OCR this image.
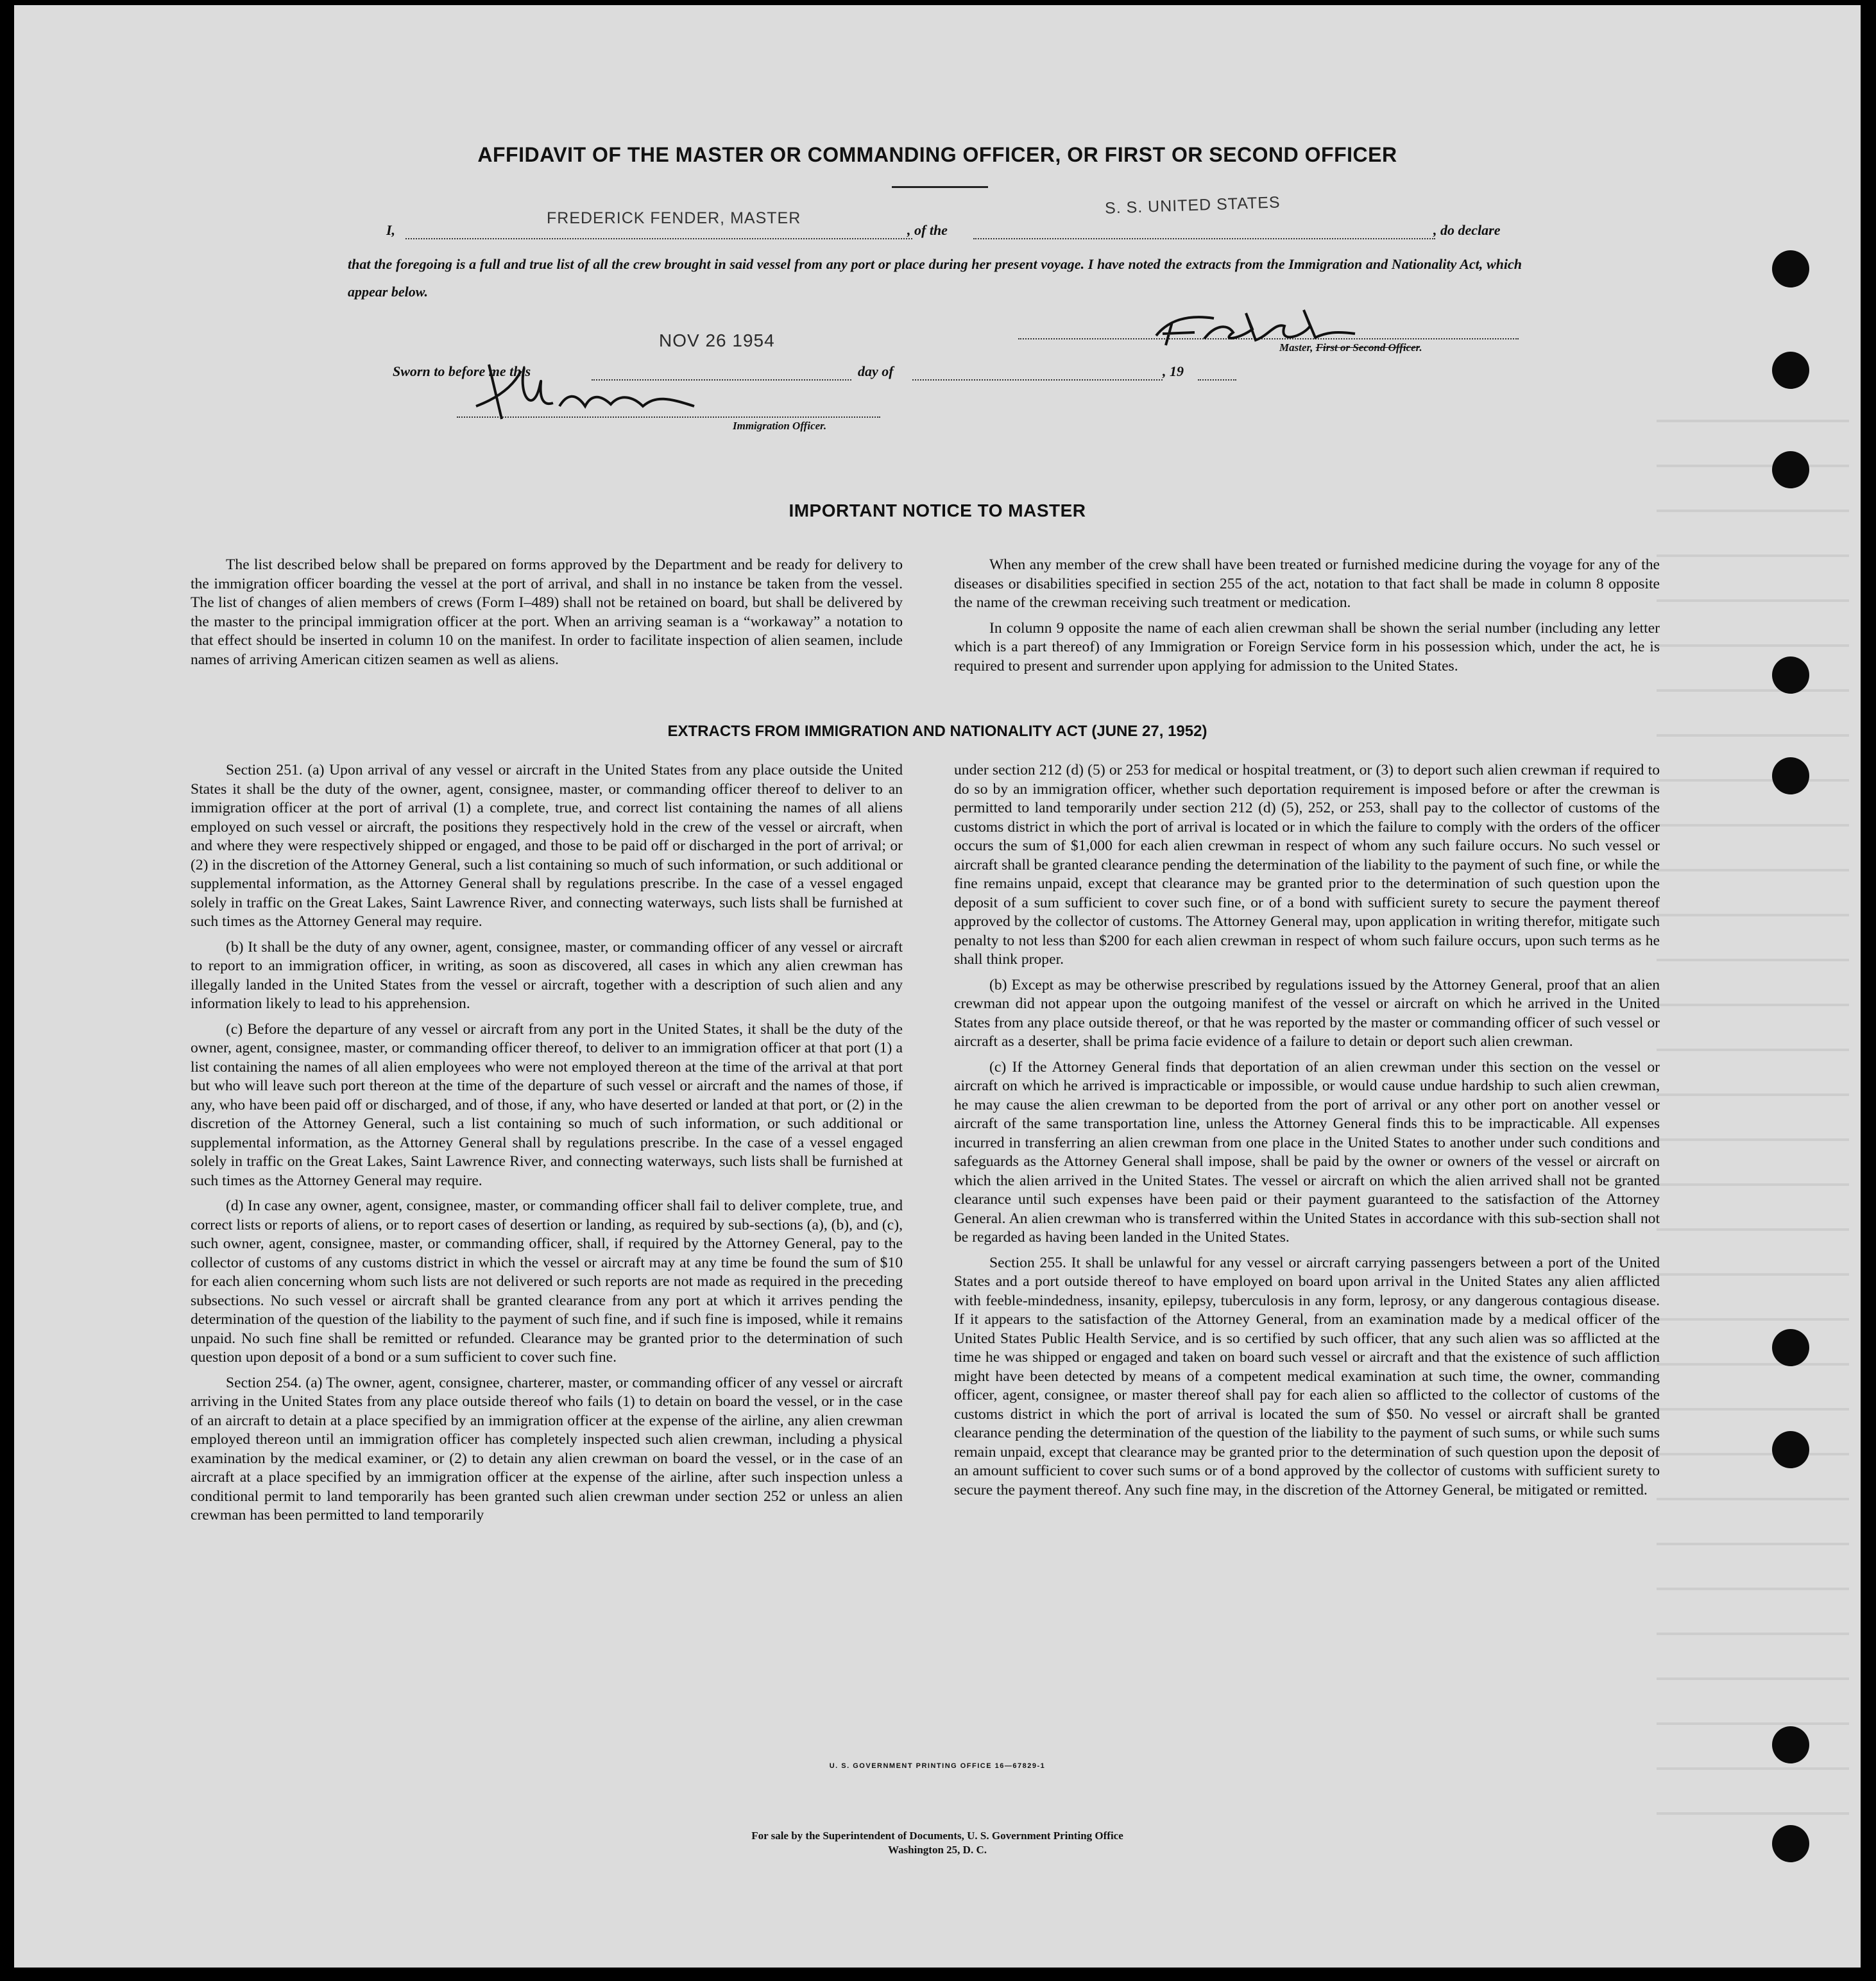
AFFIDAVIT OF THE MASTER OR COMMANDING OFFICER, OR FIRST OR SECOND OFFICER
I,
FREDERICK FENDER, MASTER
, of the
S. S. UNITED STATES
, do declare
that the foregoing is a full and true list of all the crew brought in said vessel from any port or place during her present voyage. I have noted the extracts from the Immigration and Nationality Act, which appear below.
Master, First or Second Officer.
NOV 26 1954
Sworn to before me this	day of	, 19
Immigration Officer.
IMPORTANT NOTICE TO MASTER

The list described below shall be prepared on forms approved by the Department and be ready for delivery to the immigration officer boarding the vessel at the port of arrival, and shall in no instance be taken from the vessel. The list of changes of alien members of crews (Form I–489) shall not be retained on board, but shall be delivered by the master to the principal immigration officer at the port. When an arriving seaman is a “workaway” a notation to that effect should be inserted in column 10 on the manifest. In order to facilitate inspection of alien seamen, include names of arriving American citizen seamen as well as aliens.

When any member of the crew shall have been treated or furnished medicine during the voyage for any of the diseases or disabilities specified in section 255 of the act, notation to that fact shall be made in column 8 opposite the name of the crewman receiving such treatment or medication.

In column 9 opposite the name of each alien crewman shall be shown the serial number (including any letter which is a part thereof) of any Immigration or Foreign Service form in his possession which, under the act, he is required to present and surrender upon applying for admission to the United States.

EXTRACTS FROM IMMIGRATION AND NATIONALITY ACT (JUNE 27, 1952)

Section 251. (a) Upon arrival of any vessel or aircraft in the United States from any place outside the United States it shall be the duty of the owner, agent, consignee, master, or commanding officer thereof to deliver to an immigration officer at the port of arrival (1) a complete, true, and correct list containing the names of all aliens employed on such vessel or aircraft, the positions they respectively hold in the crew of the vessel or aircraft, when and where they were respectively shipped or engaged, and those to be paid off or discharged in the port of arrival; or (2) in the discretion of the Attorney General, such a list containing so much of such information, or such additional or supplemental information, as the Attorney General shall by regulations prescribe. In the case of a vessel engaged solely in traffic on the Great Lakes, Saint Lawrence River, and connecting waterways, such lists shall be furnished at such times as the Attorney General may require.

(b) It shall be the duty of any owner, agent, consignee, master, or commanding officer of any vessel or aircraft to report to an immigration officer, in writing, as soon as discovered, all cases in which any alien crewman has illegally landed in the United States from the vessel or aircraft, together with a description of such alien and any information likely to lead to his apprehension.

(c) Before the departure of any vessel or aircraft from any port in the United States, it shall be the duty of the owner, agent, consignee, master, or commanding officer thereof, to deliver to an immigration officer at that port (1) a list containing the names of all alien employees who were not employed thereon at the time of the arrival at that port but who will leave such port thereon at the time of the departure of such vessel or aircraft and the names of those, if any, who have been paid off or discharged, and of those, if any, who have deserted or landed at that port, or (2) in the discretion of the Attorney General, such a list containing so much of such information, or such additional or supplemental information, as the Attorney General shall by regulations prescribe. In the case of a vessel engaged solely in traffic on the Great Lakes, Saint Lawrence River, and connecting waterways, such lists shall be furnished at such times as the Attorney General may require.

(d) In case any owner, agent, consignee, master, or commanding officer shall fail to deliver complete, true, and correct lists or reports of aliens, or to report cases of desertion or landing, as required by sub-sections (a), (b), and (c), such owner, agent, consignee, master, or commanding officer, shall, if required by the Attorney General, pay to the collector of customs of any customs district in which the vessel or aircraft may at any time be found the sum of $10 for each alien concerning whom such lists are not delivered or such reports are not made as required in the preceding subsections. No such vessel or aircraft shall be granted clearance from any port at which it arrives pending the determination of the question of the liability to the payment of such fine, and if such fine is imposed, while it remains unpaid. No such fine shall be remitted or refunded. Clearance may be granted prior to the determination of such question upon deposit of a bond or a sum sufficient to cover such fine.

Section 254. (a) The owner, agent, consignee, charterer, master, or commanding officer of any vessel or aircraft arriving in the United States from any place outside thereof who fails (1) to detain on board the vessel, or in the case of an aircraft to detain at a place specified by an immigration officer at the expense of the airline, any alien crewman employed thereon until an immigration officer has completely inspected such alien crewman, including a physical examination by the medical examiner, or (2) to detain any alien crewman on board the vessel, or in the case of an aircraft at a place specified by an immigration officer at the expense of the airline, after such inspection unless a conditional permit to land temporarily has been granted such alien crewman under section 252 or unless an alien crewman has been permitted to land temporarily

under section 212 (d) (5) or 253 for medical or hospital treatment, or (3) to deport such alien crewman if required to do so by an immigration officer, whether such deportation requirement is imposed before or after the crewman is permitted to land temporarily under section 212 (d) (5), 252, or 253, shall pay to the collector of customs of the customs district in which the port of arrival is located or in which the failure to comply with the orders of the officer occurs the sum of $1,000 for each alien crewman in respect of whom any such failure occurs. No such vessel or aircraft shall be granted clearance pending the determination of the liability to the payment of such fine, or while the fine remains unpaid, except that clearance may be granted prior to the determination of such question upon the deposit of a sum sufficient to cover such fine, or of a bond with sufficient surety to secure the payment thereof approved by the collector of customs. The Attorney General may, upon application in writing therefor, mitigate such penalty to not less than $200 for each alien crewman in respect of whom such failure occurs, upon such terms as he shall think proper.

(b) Except as may be otherwise prescribed by regulations issued by the Attorney General, proof that an alien crewman did not appear upon the outgoing manifest of the vessel or aircraft on which he arrived in the United States from any place outside thereof, or that he was reported by the master or commanding officer of such vessel or aircraft as a deserter, shall be prima facie evidence of a failure to detain or deport such alien crewman.

(c) If the Attorney General finds that deportation of an alien crewman under this section on the vessel or aircraft on which he arrived is impracticable or impossible, or would cause undue hardship to such alien crewman, he may cause the alien crewman to be deported from the port of arrival or any other port on another vessel or aircraft of the same transportation line, unless the Attorney General finds this to be impracticable. All expenses incurred in transferring an alien crewman from one place in the United States to another under such conditions and safeguards as the Attorney General shall impose, shall be paid by the owner or owners of the vessel or aircraft on which the alien arrived in the United States. The vessel or aircraft on which the alien arrived shall not be granted clearance until such expenses have been paid or their payment guaranteed to the satisfaction of the Attorney General. An alien crewman who is transferred within the United States in accordance with this sub-section shall not be regarded as having been landed in the United States.

Section 255. It shall be unlawful for any vessel or aircraft carrying passengers between a port of the United States and a port outside thereof to have employed on board upon arrival in the United States any alien afflicted with feeble-mindedness, insanity, epilepsy, tuberculosis in any form, leprosy, or any dangerous contagious disease. If it appears to the satisfaction of the Attorney General, from an examination made by a medical officer of the United States Public Health Service, and is so certified by such officer, that any such alien was so afflicted at the time he was shipped or engaged and taken on board such vessel or aircraft and that the existence of such affliction might have been detected by means of a competent medical examination at such time, the owner, commanding officer, agent, consignee, or master thereof shall pay for each alien so afflicted to the collector of customs of the customs district in which the port of arrival is located the sum of $50. No vessel or aircraft shall be granted clearance pending the determination of the question of the liability to the payment of such sums, or while such sums remain unpaid, except that clearance may be granted prior to the determination of such question upon the deposit of an amount sufficient to cover such sums or of a bond approved by the collector of customs with sufficient surety to secure the payment thereof. Any such fine may, in the discretion of the Attorney General, be mitigated or remitted.

U. S. GOVERNMENT PRINTING OFFICE 16—67829-1
For sale by the Superintendent of Documents, U. S. Government Printing Office
Washington 25, D. C.
